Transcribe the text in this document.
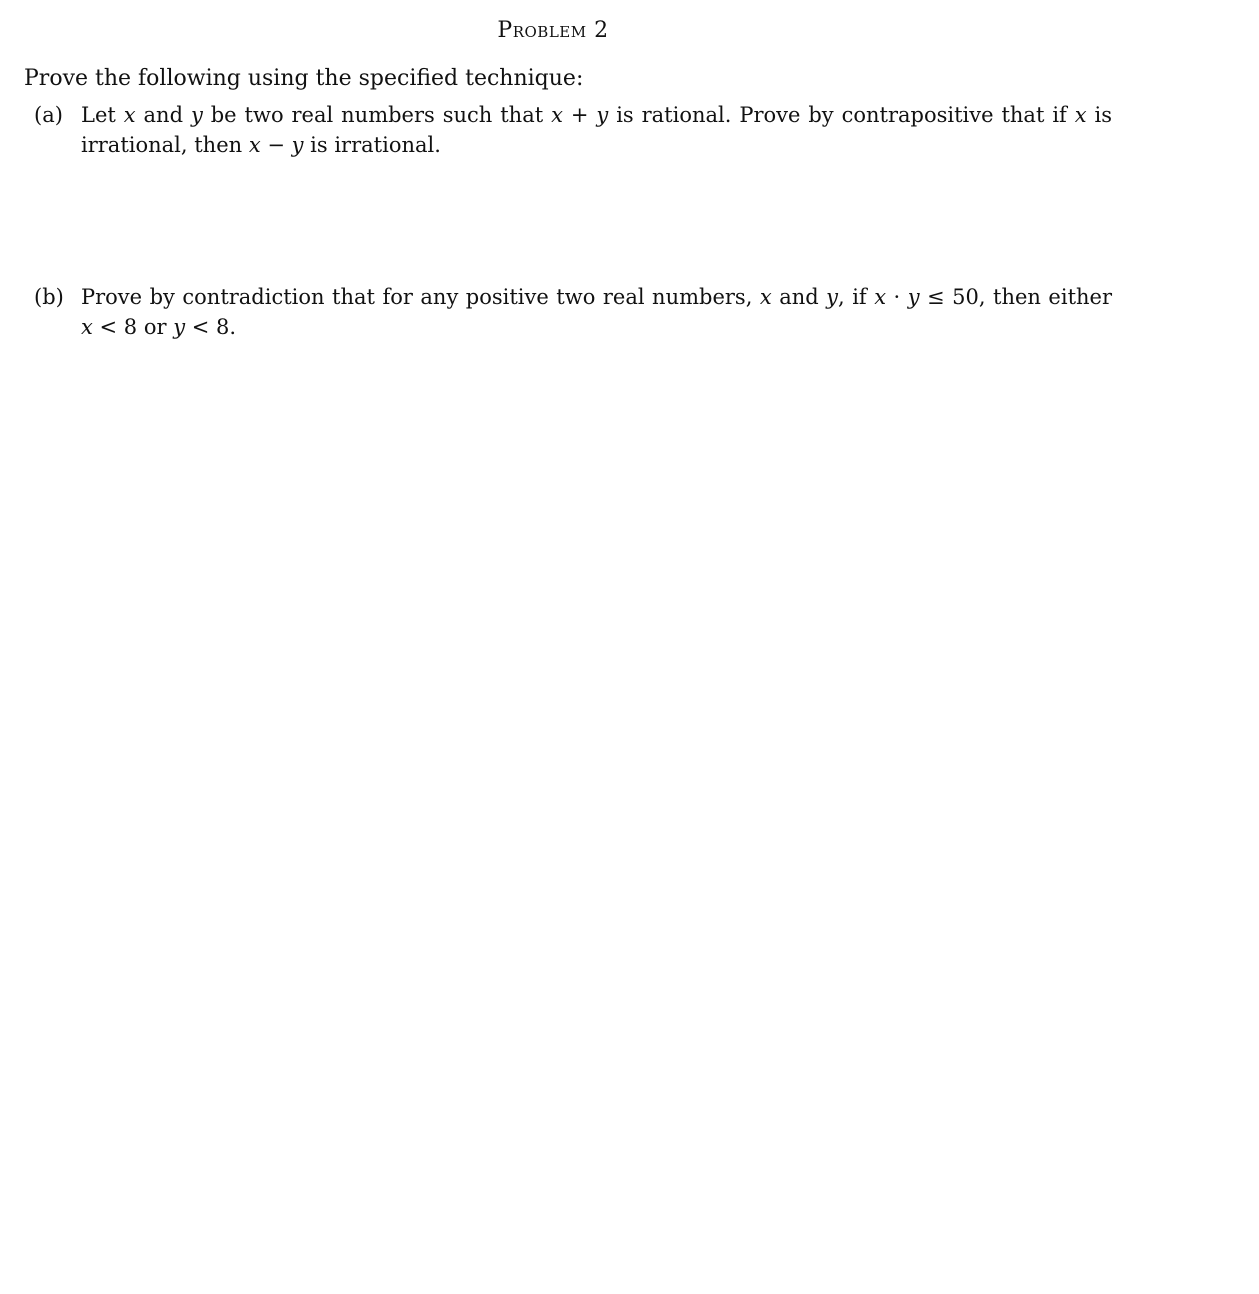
Problem 2
Prove the following using the specified technique:
(a) Let x and y be two real numbers such that x + y is rational. Prove by contrapositive that if x is irrational, then x − y is irrational.
(b) Prove by contradiction that for any positive two real numbers, x and y, if x · y ≤ 50, then either x < 8 or y < 8.
